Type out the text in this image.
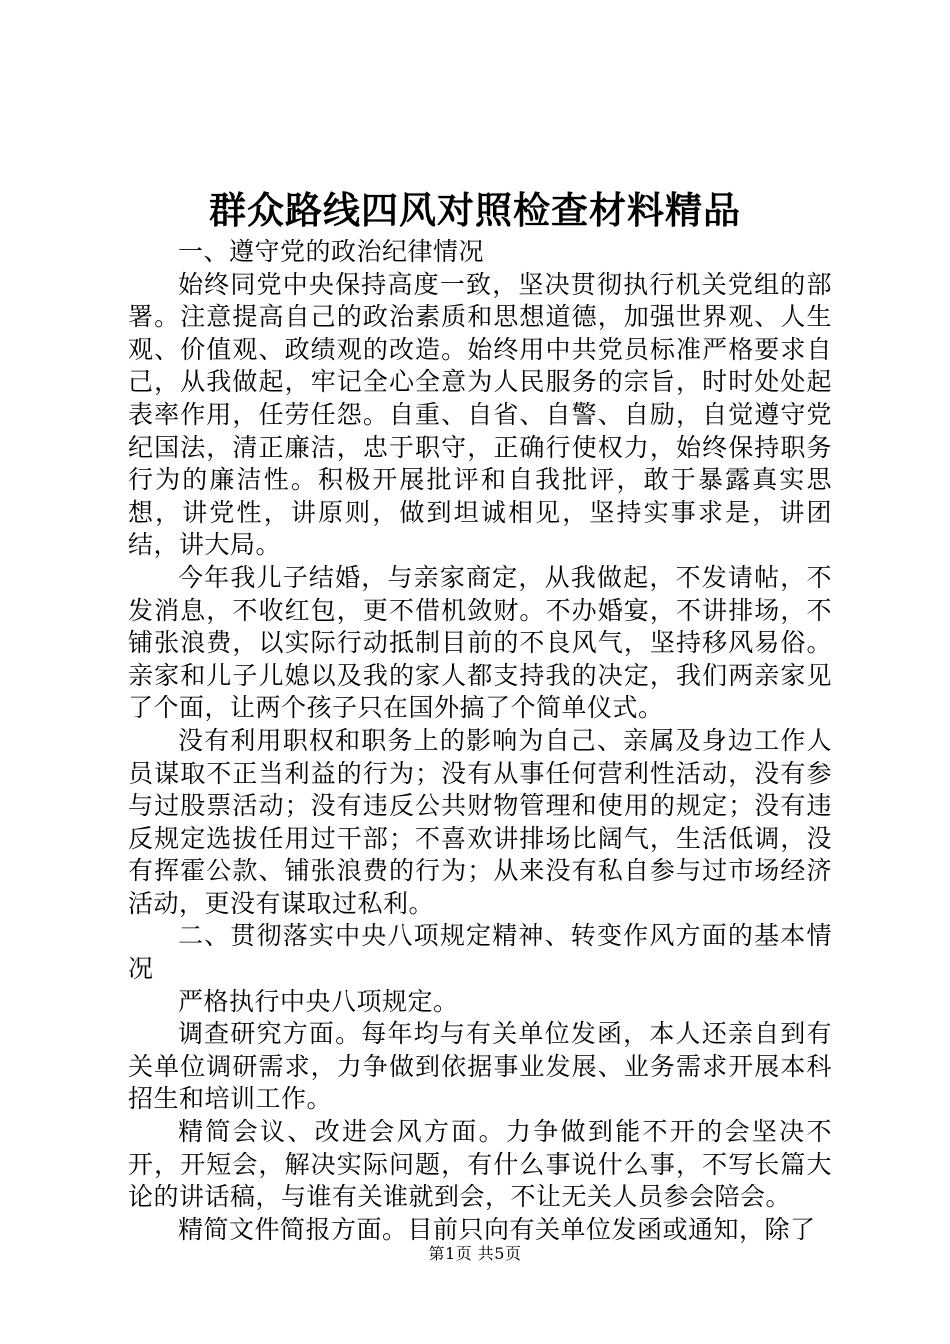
群众路线四风对照检查材料精品

一、遵守党的政治纪律情况

始终同党中央保持高度一致，坚决贯彻执行机关党组的部署。注意提高自己的政治素质和思想道德，加强世界观、人生观、价值观、政绩观的改造。始终用中共党员标准严格要求自己，从我做起，牢记全心全意为人民服务的宗旨，时时处处起表率作用，任劳任怨。自重、自省、自警、自励，自觉遵守党纪国法，清正廉洁，忠于职守，正确行使权力，始终保持职务行为的廉洁性。积极开展批评和自我批评，敢于暴露真实思想，讲党性，讲原则，做到坦诚相见，坚持实事求是，讲团结，讲大局。

今年我儿子结婚，与亲家商定，从我做起，不发请帖，不发消息，不收红包，更不借机敛财。不办婚宴，不讲排场，不铺张浪费，以实际行动抵制目前的不良风气，坚持移风易俗。亲家和儿子儿媳以及我的家人都支持我的决定，我们两亲家见了个面，让两个孩子只在国外搞了个简单仪式。

没有利用职权和职务上的影响为自己、亲属及身边工作人员谋取不正当利益的行为；没有从事任何营利性活动，没有参与过股票活动；没有违反公共财物管理和使用的规定；没有违反规定选拔任用过干部；不喜欢讲排场比阔气，生活低调，没有挥霍公款、铺张浪费的行为；从来没有私自参与过市场经济活动，更没有谋取过私利。

二、贯彻落实中央八项规定精神、转变作风方面的基本情况

严格执行中央八项规定。

调查研究方面。每年均与有关单位发函，本人还亲自到有关单位调研需求，力争做到依据事业发展、业务需求开展本科招生和培训工作。

精简会议、改进会风方面。力争做到能不开的会坚决不开，开短会，解决实际问题，有什么事说什么事，不写长篇大论的讲话稿，与谁有关谁就到会，不让无关人员参会陪会。

精简文件简报方面。目前只向有关单位发函或通知，除了

第1页 共5页
